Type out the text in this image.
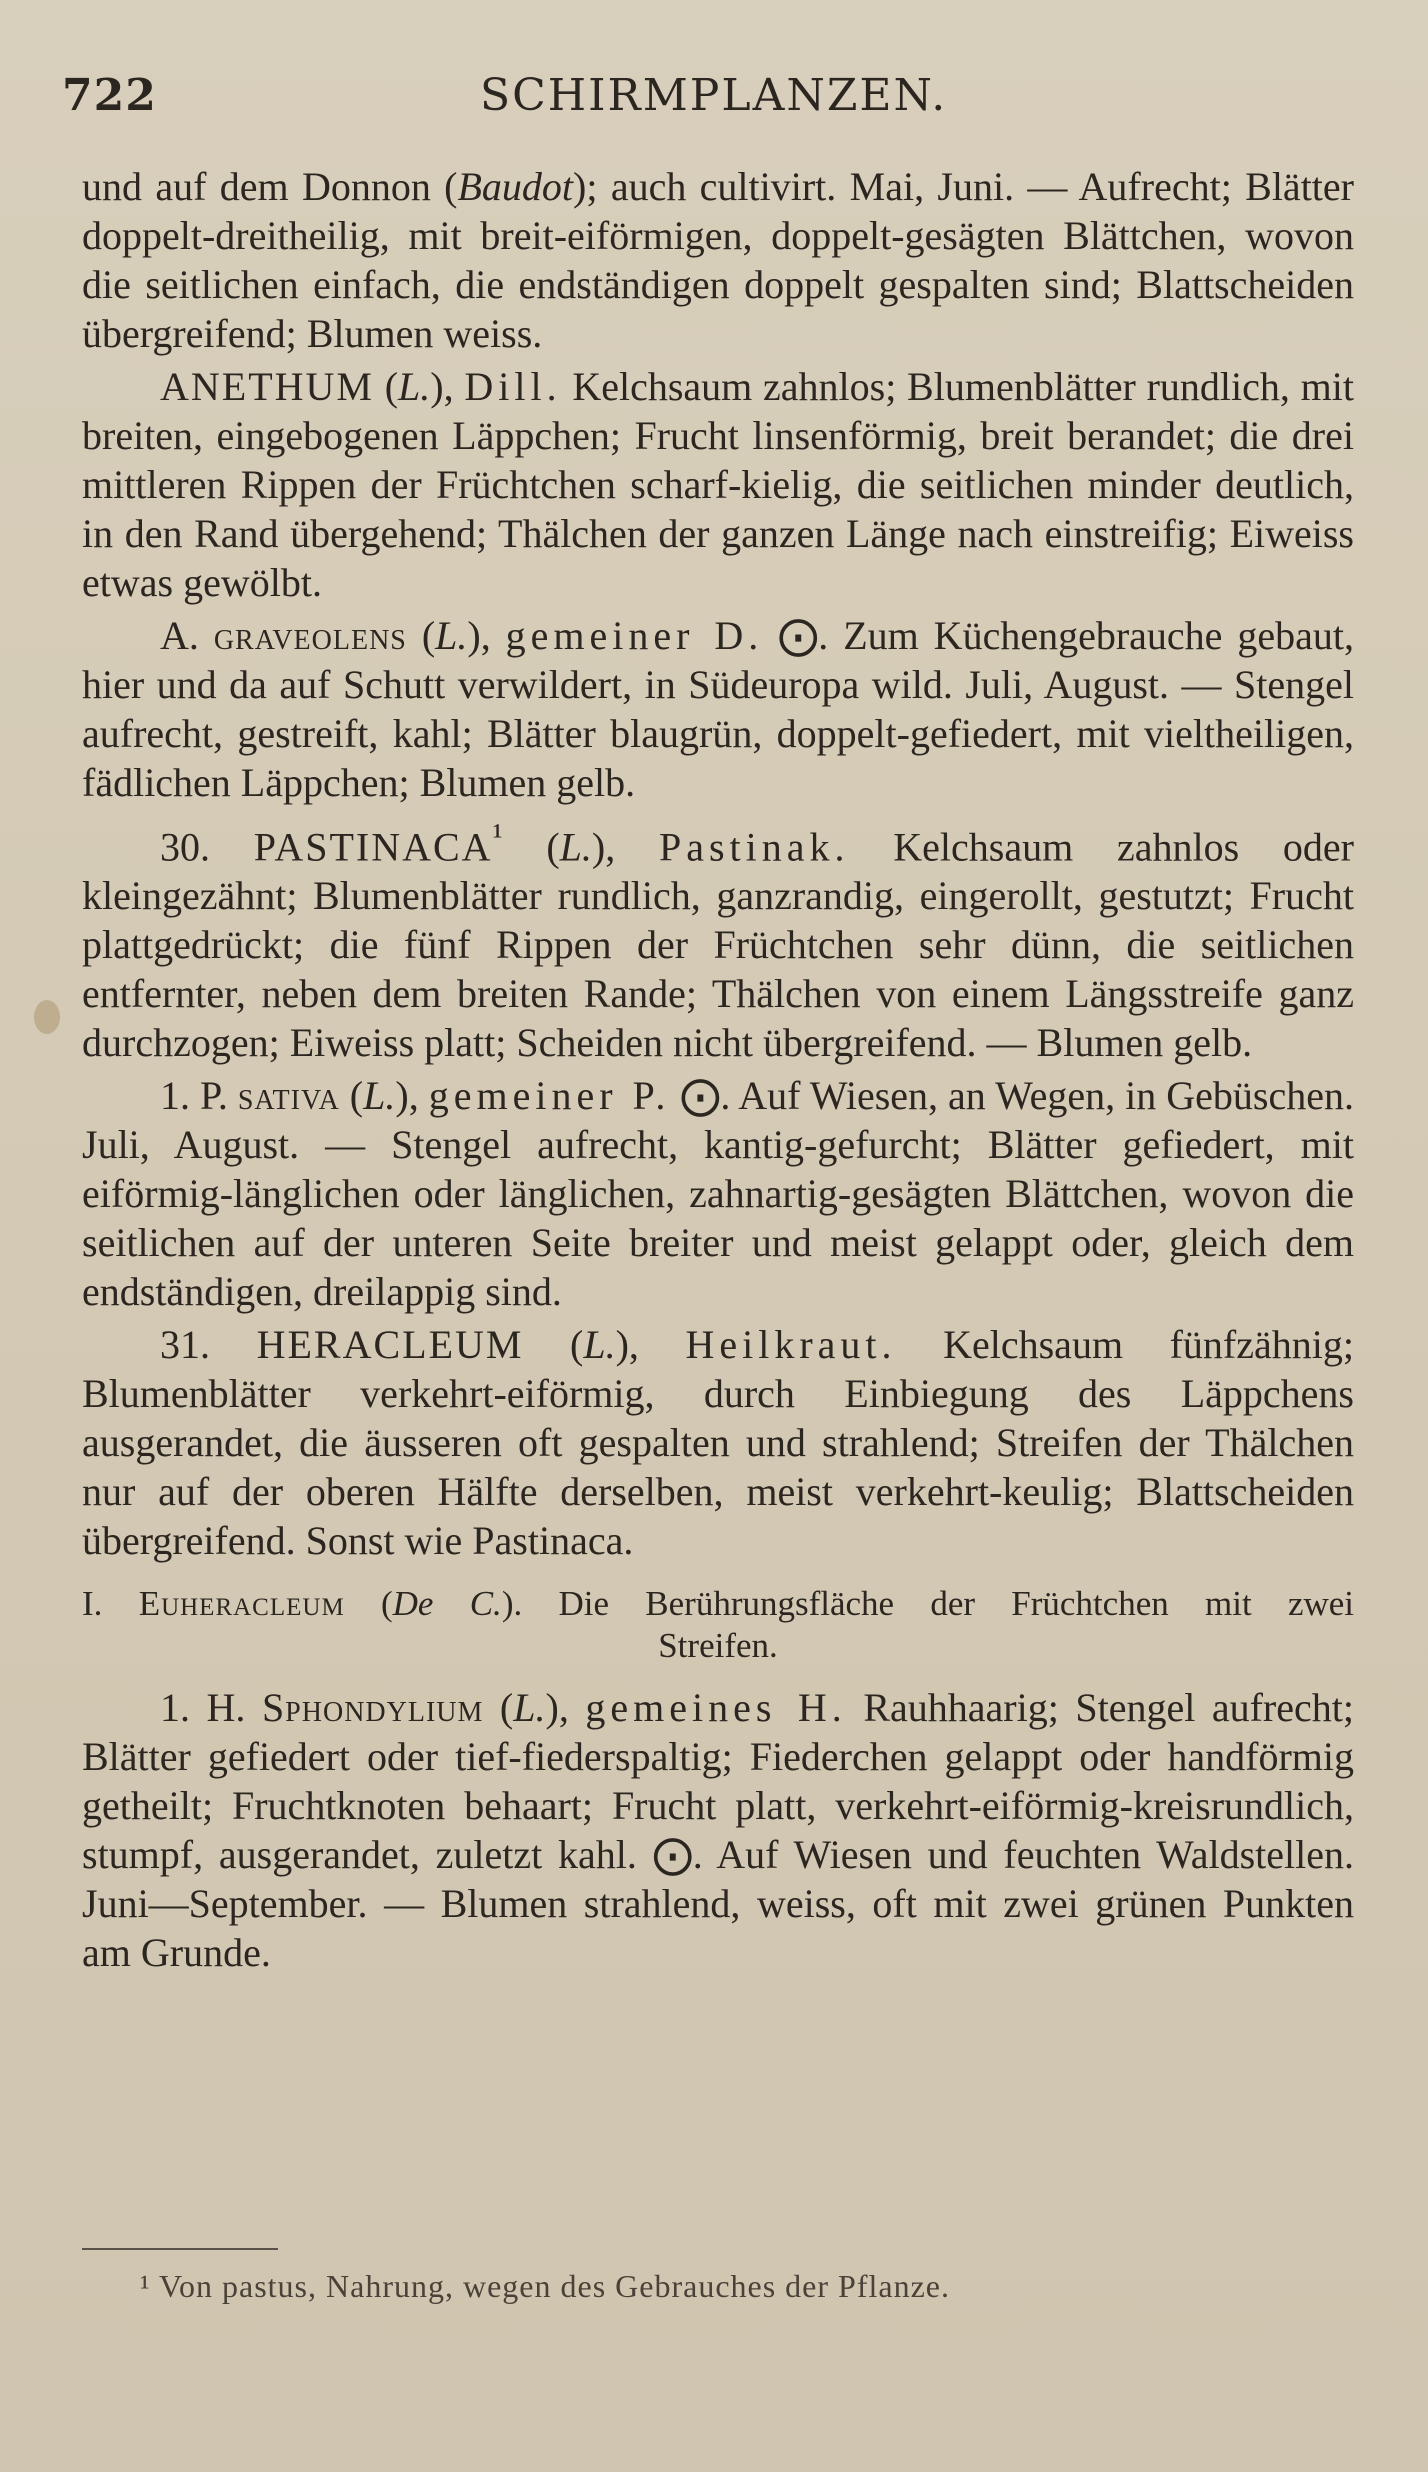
722	SCHIRMPLANZEN.

und auf dem Donnon (Baudot); auch cultivirt. Mai, Juni. — Aufrecht; Blätter doppelt-dreitheilig, mit breit-eiförmigen, doppelt-gesägten Blättchen, wovon die seitlichen einfach, die endständigen doppelt gespalten sind; Blattscheiden übergreifend; Blumen weiss.

ANETHUM (L.), Dill. Kelchsaum zahnlos; Blumenblätter rundlich, mit breiten, eingebogenen Läppchen; Frucht linsenförmig, breit berandet; die drei mittleren Rippen der Früchtchen scharf-kielig, die seitlichen minder deutlich, in den Rand übergehend; Thälchen der ganzen Länge nach einstreifig; Eiweiss etwas gewölbt.

A. graveolens (L.), gemeiner D. ⨀. Zum Küchengebrauche gebaut, hier und da auf Schutt verwildert, in Südeuropa wild. Juli, August. — Stengel aufrecht, gestreift, kahl; Blätter blaugrün, doppelt-gefiedert, mit vieltheiligen, fädlichen Läppchen; Blumen gelb.

30. $PASTINACA^{^1}$ (L.), Pastinak. Kelchsaum zahnlos oder kleingezähnt; Blumenblätter rundlich, ganzrandig, eingerollt, gestutzt; Frucht plattgedrückt; die fünf Rippen der Früchtchen sehr dünn, die seitlichen entfernter, neben dem breiten Rande; Thälchen von einem Längsstreife ganz durchzogen; Eiweiss platt; Scheiden nicht übergreifend. — Blumen gelb.

1. P. sativa (L.), gemeiner P. ⨀. Auf Wiesen, an Wegen, in Gebüschen. Juli, August. — Stengel aufrecht, kantig-gefurcht; Blätter gefiedert, mit eiförmig-länglichen oder länglichen, zahnartig-gesägten Blättchen, wovon die seitlichen auf der unteren Seite breiter und meist gelappt oder, gleich dem endständigen, dreilappig sind.

31. HERACLEUM (L.), Heilkraut. Kelchsaum fünfzähnig; Blumenblätter verkehrt-eiförmig, durch Einbiegung des Läppchens ausgerandet, die äusseren oft gespalten und strahlend; Streifen der Thälchen nur auf der oberen Hälfte derselben, meist verkehrt-keulig; Blattscheiden übergreifend. Sonst wie Pastinaca.

I. Euheracleum (De C.). Die Berührungsfläche der Früchtchen mit zwei
Streifen.

1. H. Sphondylium (L.), gemeines H. Rauhhaarig; Stengel aufrecht; Blätter gefiedert oder tief-fiederspaltig; Fiederchen gelappt oder handförmig getheilt; Fruchtknoten behaart; Frucht platt, verkehrt-eiförmig-kreisrundlich, stumpf, ausgerandet, zuletzt kahl. ⨀. Auf Wiesen und feuchten Waldstellen. Juni—September. — Blumen strahlend, weiss, oft mit zwei grünen Punkten am Grunde.

¹ Von pastus, Nahrung, wegen des Gebrauches der Pflanze.
